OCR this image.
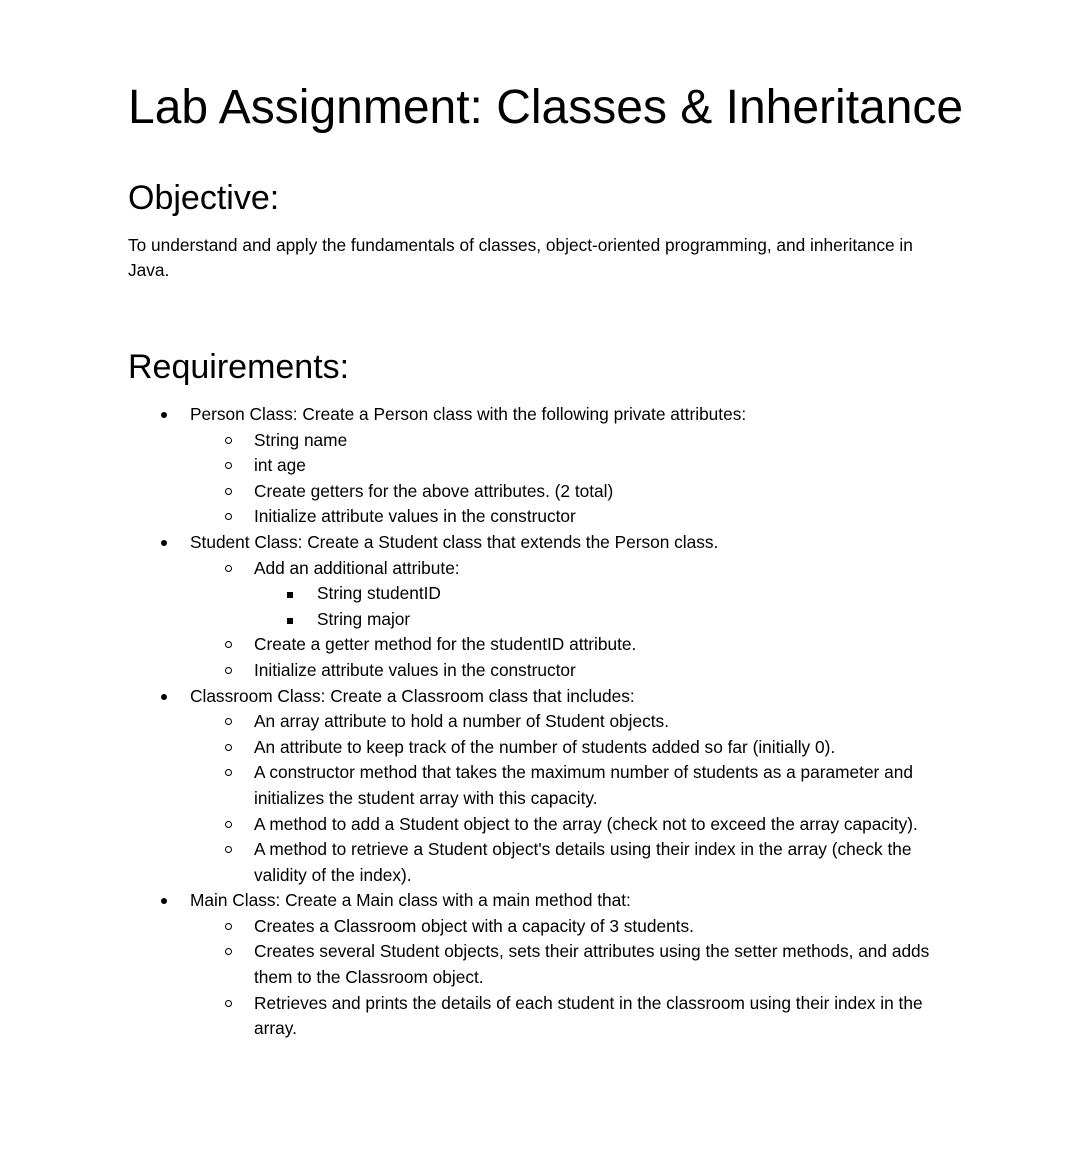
Lab Assignment: Classes & Inheritance
Objective:

To understand and apply the fundamentals of classes, object-oriented programming, and inheritance in Java.

Requirements:
Person Class: Create a Person class with the following private attributes:
String name
int age
Create getters for the above attributes. (2 total)
Initialize attribute values in the constructor
Student Class: Create a Student class that extends the Person class.
Add an additional attribute:
String studentID
String major
Create a getter method for the studentID attribute.
Initialize attribute values in the constructor
Classroom Class: Create a Classroom class that includes:
An array attribute to hold a number of Student objects.
An attribute to keep track of the number of students added so far (initially 0).
A constructor method that takes the maximum number of students as a parameter and initializes the student array with this capacity.
A method to add a Student object to the array (check not to exceed the array capacity).
A method to retrieve a Student object's details using their index in the array (check the validity of the index).
Main Class: Create a Main class with a main method that:
Creates a Classroom object with a capacity of 3 students.
Creates several Student objects, sets their attributes using the setter methods, and adds them to the Classroom object.
Retrieves and prints the details of each student in the classroom using their index in the array.
